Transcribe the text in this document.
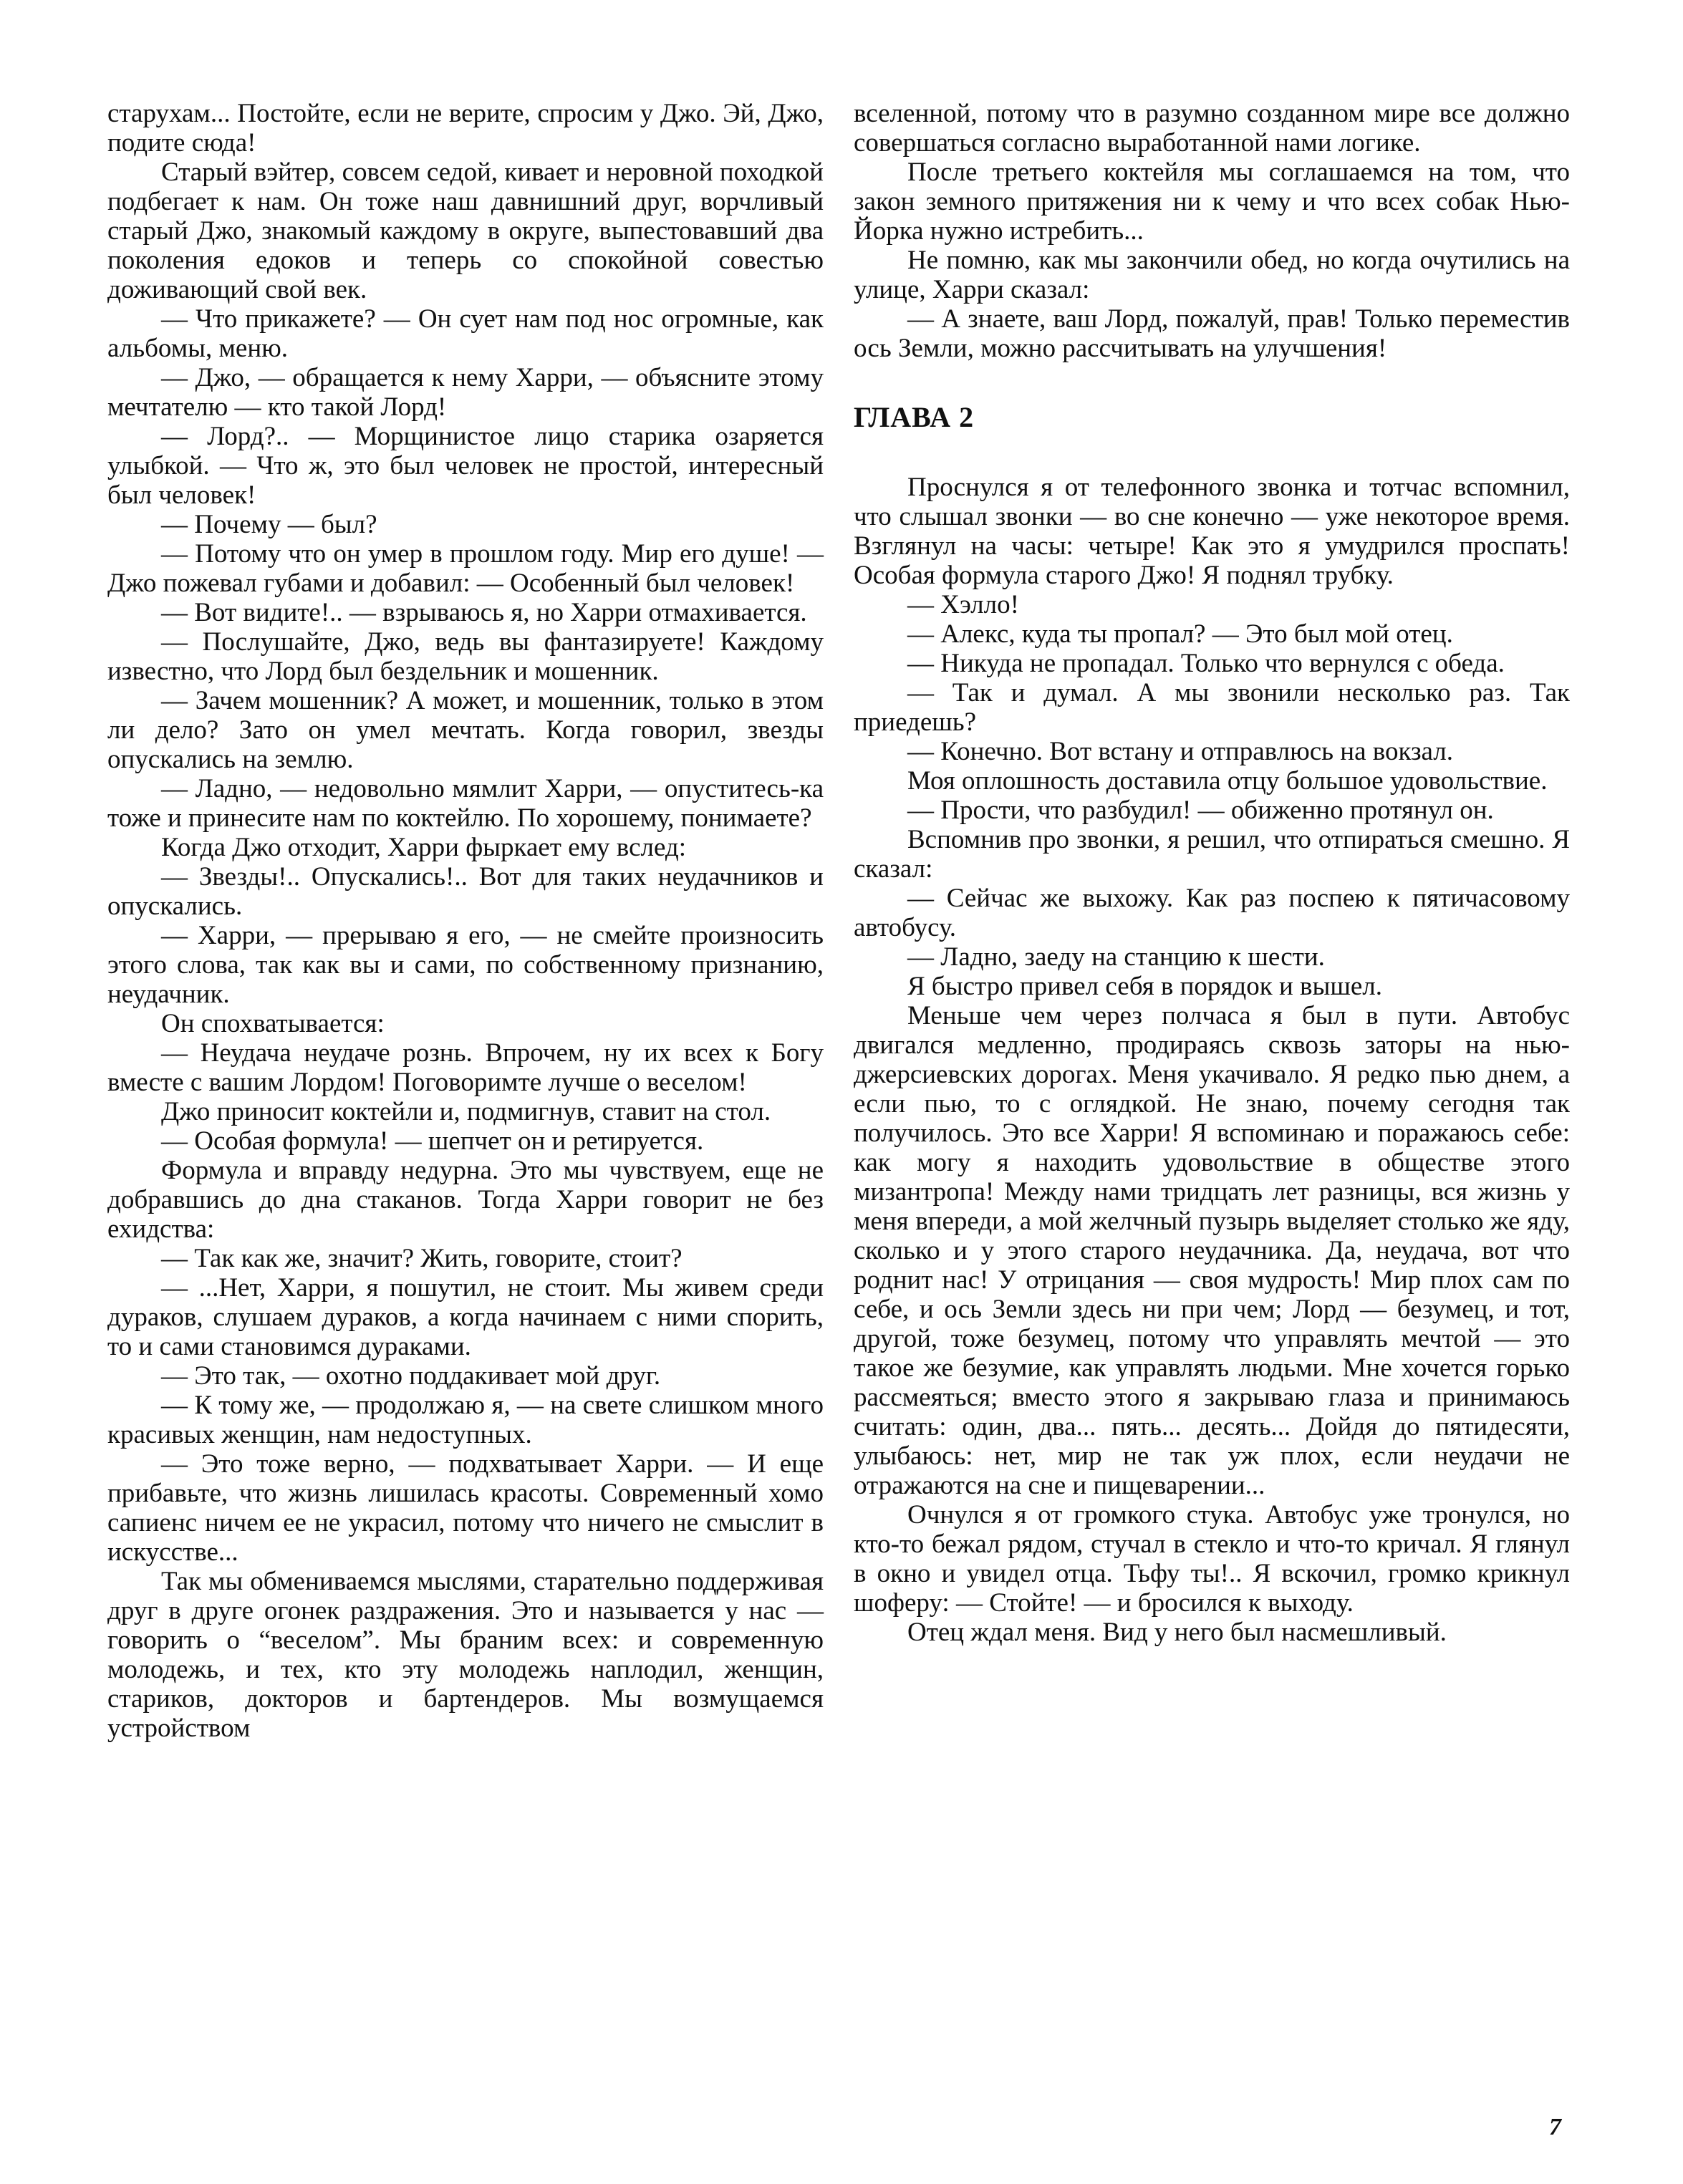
старухам... Постойте, если не верите, спросим у Джо. Эй, Джо, подите сюда!

Старый вэйтер, совсем седой, кивает и неровной походкой подбегает к нам. Он тоже наш давнишний друг, ворчливый старый Джо, знакомый каждому в округе, выпестовавший два поколения едоков и теперь со спокойной совестью доживающий свой век.

— Что прикажете? — Он сует нам под нос огромные, как альбомы, меню.

— Джо, — обращается к нему Харри, — объясните этому мечтателю — кто такой Лорд!

— Лорд?.. — Морщинистое лицо старика озаряется улыбкой. — Что ж, это был человек не простой, интересный был человек!

— Почему — был?

— Потому что он умер в прошлом году. Мир его душе! — Джо пожевал губами и добавил: — Особенный был человек!

— Вот видите!.. — взрываюсь я, но Харри отмахивается.

— Послушайте, Джо, ведь вы фантазируете! Каждому известно, что Лорд был бездельник и мошенник.

— Зачем мошенник? А может, и мошенник, только в этом ли дело? Зато он умел мечтать. Когда говорил, звезды опускались на землю.

— Ладно, — недовольно мямлит Харри, — опуститесь-ка тоже и принесите нам по коктейлю. По хорошему, понимаете?

Когда Джо отходит, Харри фыркает ему вслед:

— Звезды!.. Опускались!.. Вот для таких неудачников и опускались.

— Харри, — прерываю я его, — не смейте произносить этого слова, так как вы и сами, по собственному признанию, неудачник.

Он спохватывается:

— Неудача неудаче рознь. Впрочем, ну их всех к Богу вместе с вашим Лордом! Поговоримте лучше о веселом!

Джо приносит коктейли и, подмигнув, ставит на стол.

— Особая формула! — шепчет он и ретируется.

Формула и вправду недурна. Это мы чувствуем, еще не добравшись до дна стаканов. Тогда Харри говорит не без ехидства:

— Так как же, значит? Жить, говорите, стоит?

— ...Нет, Харри, я пошутил, не стоит. Мы живем среди дураков, слушаем дураков, а когда начинаем с ними спорить, то и сами становимся дураками.

— Это так, — охотно поддакивает мой друг.

— К тому же, — продолжаю я, — на свете слишком много красивых женщин, нам недоступных.

— Это тоже верно, — подхватывает Харри. — И еще прибавьте, что жизнь лишилась красоты. Современный хомо сапиенс ничем ее не украсил, потому что ничего не смыслит в искусстве...

Так мы обмениваемся мыслями, старательно поддерживая друг в друге огонек раздражения. Это и называется у нас — говорить о “веселом”. Мы браним всех: и современную молодежь, и тех, кто эту молодежь наплодил, женщин, стариков, докторов и бартендеров. Мы возмущаемся устройством

вселенной, потому что в разумно созданном мире все должно совершаться согласно выработанной нами логике.

После третьего коктейля мы соглашаемся на том, что закон земного притяжения ни к чему и что всех собак Нью-Йорка нужно истребить...

Не помню, как мы закончили обед, но когда очутились на улице, Харри сказал:

— А знаете, ваш Лорд, пожалуй, прав! Только переместив ось Земли, можно рассчитывать на улучшения!

ГЛАВА 2

Проснулся я от телефонного звонка и тотчас вспомнил, что слышал звонки — во сне конечно — уже некоторое время. Взглянул на часы: четыре! Как это я умудрился проспать! Особая формула старого Джо! Я поднял трубку.

— Хэлло!

— Алекс, куда ты пропал? — Это был мой отец.

— Никуда не пропадал. Только что вернулся с обеда.

— Так и думал. А мы звонили несколько раз. Так приедешь?

— Конечно. Вот встану и отправлюсь на вокзал.

Моя оплошность доставила отцу большое удовольствие.

— Прости, что разбудил! — обиженно протянул он.

Вспомнив про звонки, я решил, что отпираться смешно. Я сказал:

— Сейчас же выхожу. Как раз поспею к пятичасовому автобусу.

— Ладно, заеду на станцию к шести.

Я быстро привел себя в порядок и вышел.

Меньше чем через полчаса я был в пути. Автобус двигался медленно, продираясь сквозь заторы на нью-джерсиевских дорогах. Меня укачивало. Я редко пью днем, а если пью, то с оглядкой. Не знаю, почему сегодня так получилось. Это все Харри! Я вспоминаю и поражаюсь себе: как могу я находить удовольствие в обществе этого мизантропа! Между нами тридцать лет разницы, вся жизнь у меня впереди, а мой желчный пузырь выделяет столько же яду, сколько и у этого старого неудачника. Да, неудача, вот что роднит нас! У отрицания — своя мудрость! Мир плох сам по себе, и ось Земли здесь ни при чем; Лорд — безумец, и тот, другой, тоже безумец, потому что управлять мечтой — это такое же безумие, как управлять людьми. Мне хочется горько рассмеяться; вместо этого я закрываю глаза и принимаюсь считать: один, два... пять... десять... Дойдя до пятидесяти, улыбаюсь: нет, мир не так уж плох, если неудачи не отражаются на сне и пищеварении...

Очнулся я от громкого стука. Автобус уже тронулся, но кто-то бежал рядом, стучал в стекло и что-то кричал. Я глянул в окно и увидел отца. Тьфу ты!.. Я вскочил, громко крикнул шоферу: — Стойте! — и бросился к выходу.

Отец ждал меня. Вид у него был насмешливый.

7
